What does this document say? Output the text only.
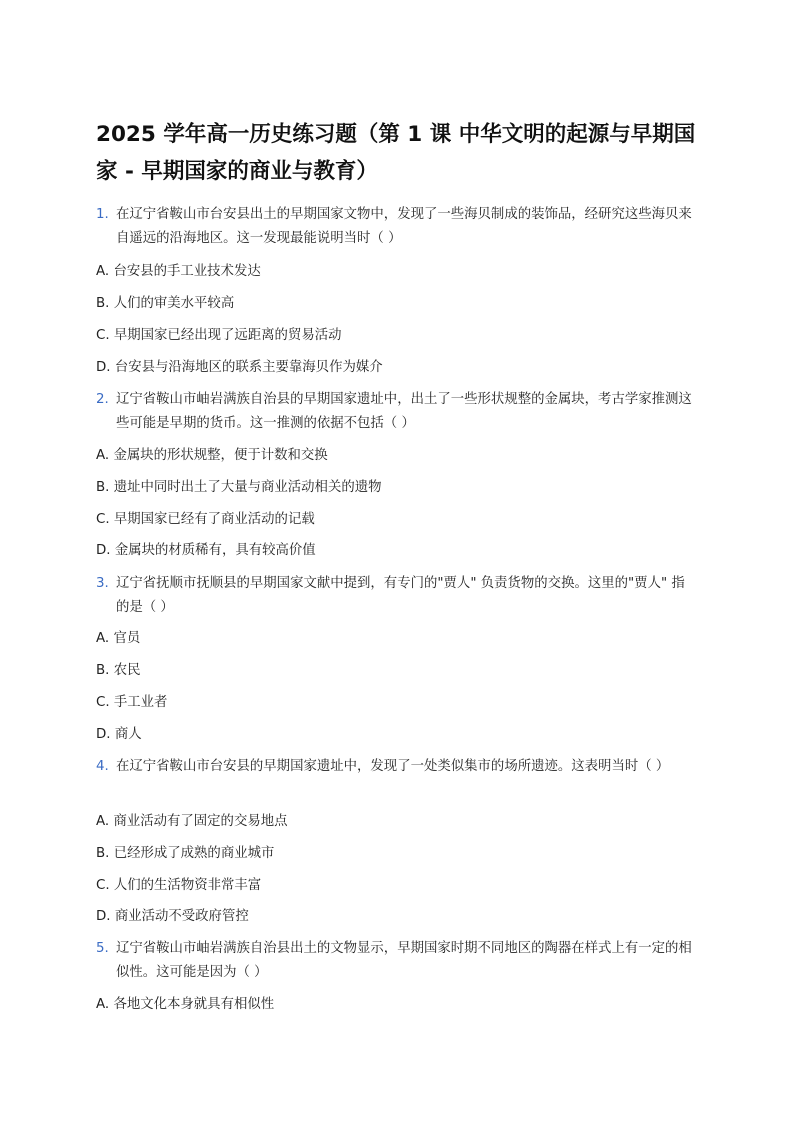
2025 学年高一历史练习题（第 1 课 中华文明的起源与早期国家 - 早期国家的商业与教育）
1. 在辽宁省鞍山市台安县出土的早期国家文物中，发现了一些海贝制成的装饰品，经研究这些海贝来自遥远的沿海地区。这一发现最能说明当时（ ）
A. 台安县的手工业技术发达
B. 人们的审美水平较高
C. 早期国家已经出现了远距离的贸易活动
D. 台安县与沿海地区的联系主要靠海贝作为媒介
2. 辽宁省鞍山市岫岩满族自治县的早期国家遗址中，出土了一些形状规整的金属块，考古学家推测这些可能是早期的货币。这一推测的依据不包括（ ）
A. 金属块的形状规整，便于计数和交换
B. 遗址中同时出土了大量与商业活动相关的遗物
C. 早期国家已经有了商业活动的记载
D. 金属块的材质稀有，具有较高价值
3. 辽宁省抚顺市抚顺县的早期国家文献中提到，有专门的"贾人" 负责货物的交换。这里的"贾人" 指的是（ ）
A. 官员
B. 农民
C. 手工业者
D. 商人
4. 在辽宁省鞍山市台安县的早期国家遗址中，发现了一处类似集市的场所遗迹。这表明当时（ ）
A. 商业活动有了固定的交易地点
B. 已经形成了成熟的商业城市
C. 人们的生活物资非常丰富
D. 商业活动不受政府管控
5. 辽宁省鞍山市岫岩满族自治县出土的文物显示，早期国家时期不同地区的陶器在样式上有一定的相似性。这可能是因为（ ）
A. 各地文化本身就具有相似性
